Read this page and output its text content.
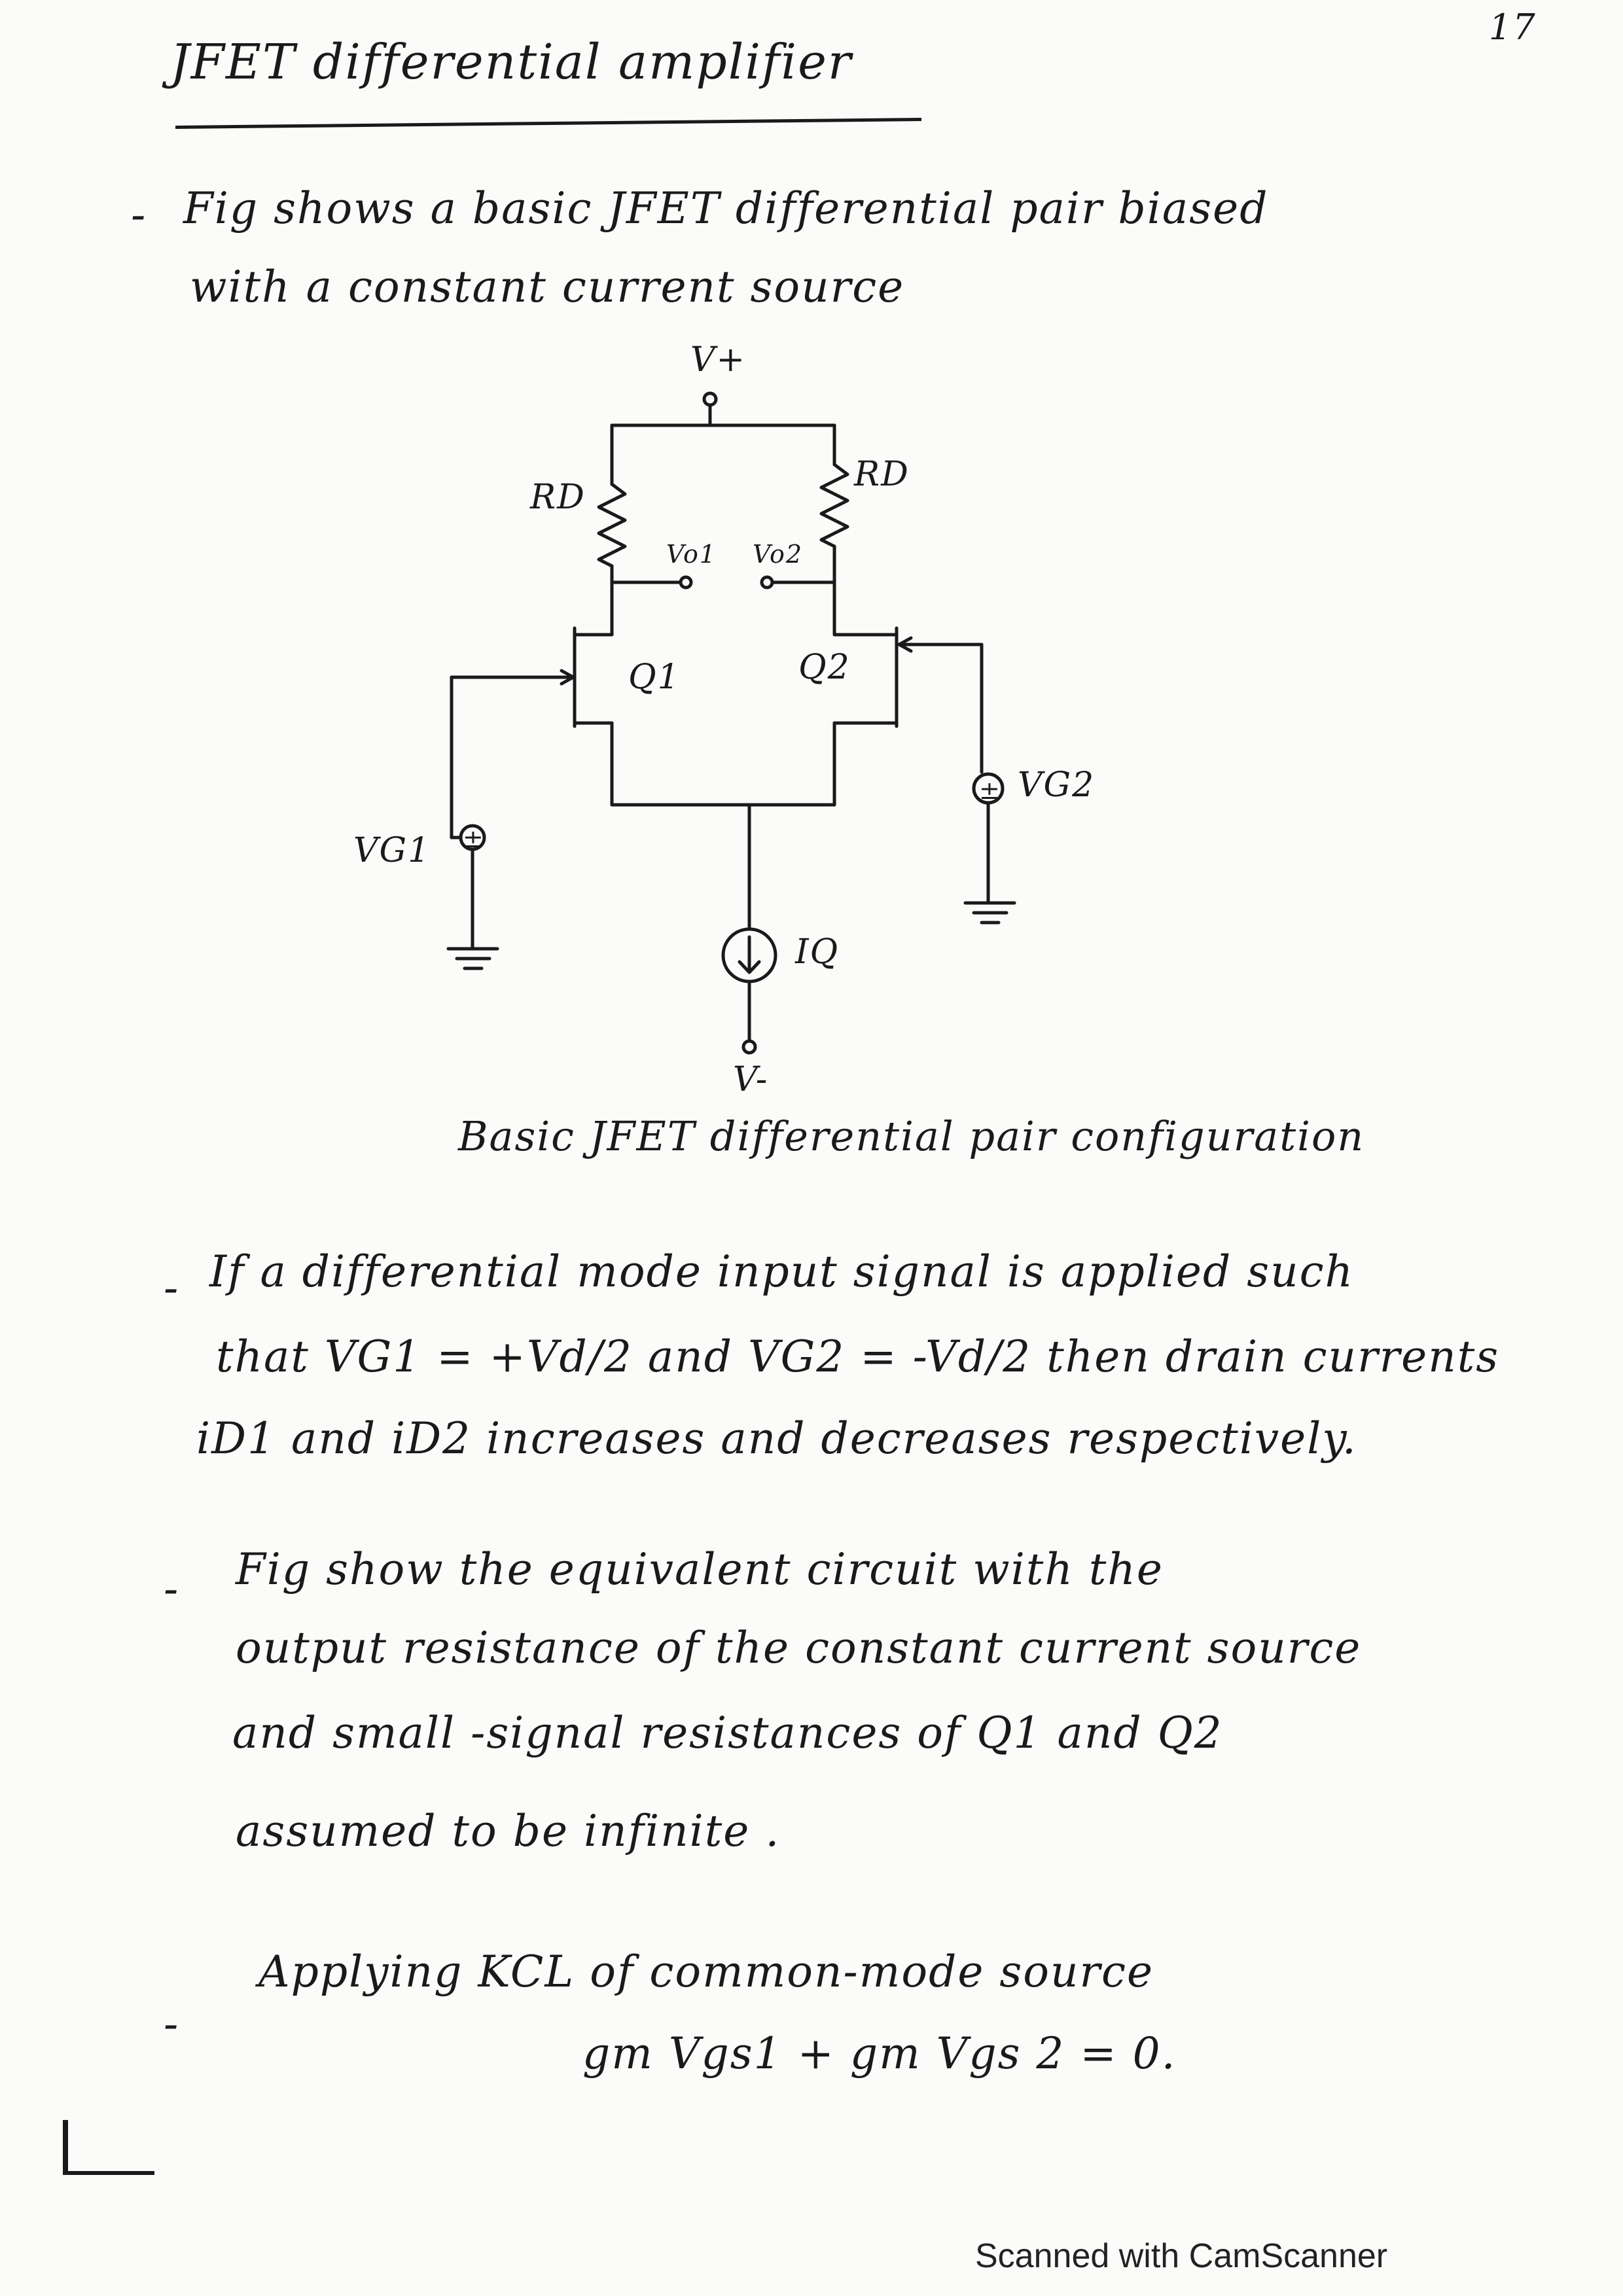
17
JFET differential amplifier
- Fig shows a basic JFET differential pair biased
with a constant current source
V+
RD
RD
Vo1 Vo2
Q1	Q2
VG1
VG2
IQ
V-
±
±
Basic JFET differential pair configuration
- If a differential mode input signal is applied such
that VG1 = +Vd/2 and VG2 = -Vd/2 then drain currents
iD1 and iD2 increases and decreases respectively.
- Fig show the equivalent circuit with the
output resistance of the constant current source
and small -signal resistances of Q1 and Q2
assumed to be infinite .
-
Applying KCL of common-mode source
gm Vgs1 + gm Vgs 2 = 0.
Scanned with CamScanner
